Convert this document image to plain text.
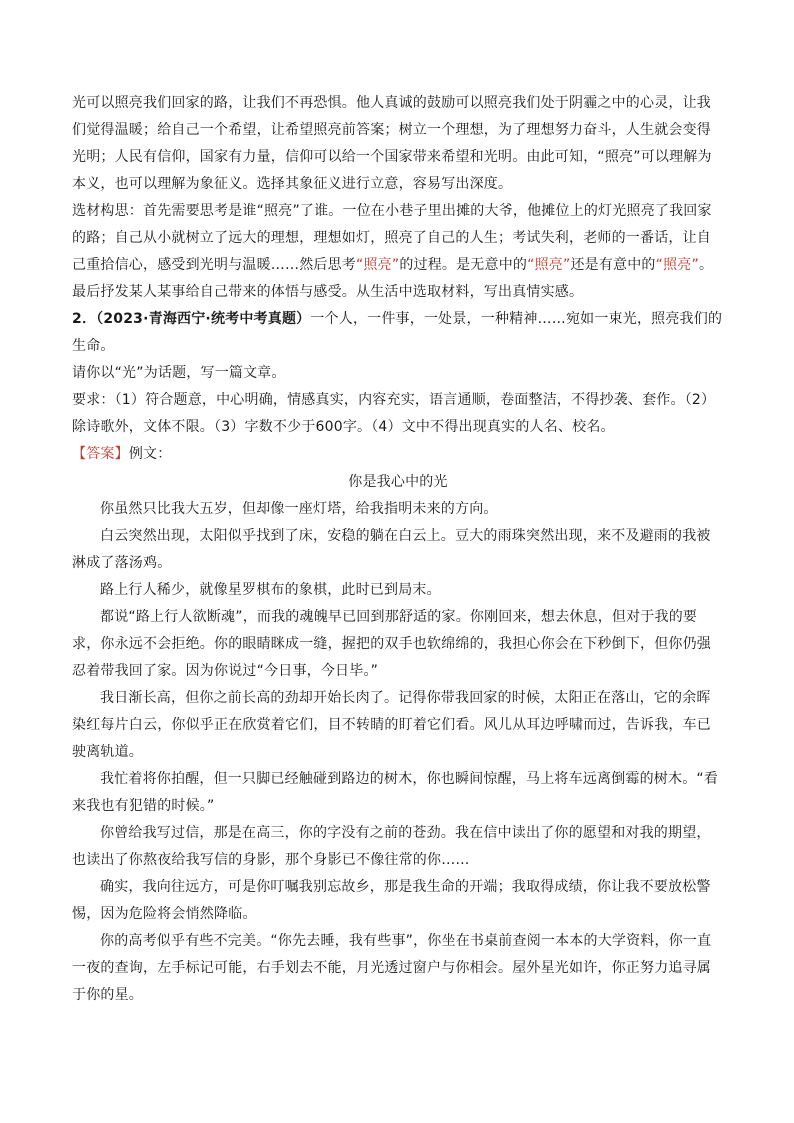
光可以照亮我们回家的路，让我们不再恐惧。他人真诚的鼓励可以照亮我们处于阴霾之中的心灵，让我们觉得温暖；给自己一个希望，让希望照亮前答案；树立一个理想，为了理想努力奋斗，人生就会变得光明；人民有信仰，国家有力量，信仰可以给一个国家带来希望和光明。由此可知，“照亮”可以理解为本义，也可以理解为象征义。选择其象征义进行立意，容易写出深度。

选材构思：首先需要思考是谁“照亮”了谁。一位在小巷子里出摊的大爷，他摊位上的灯光照亮了我回家的路；自己从小就树立了远大的理想，理想如灯，照亮了自己的人生；考试失利，老师的一番话，让自己重拾信心，感受到光明与温暖……然后思考“照亮”的过程。是无意中的“照亮”还是有意中的“照亮”。最后抒发某人某事给自己带来的体悟与感受。从生活中选取材料，写出真情实感。

2．（2023·青海西宁·统考中考真题）一个人，一件事，一处景，一种精神……宛如一束光，照亮我们的生命。

请你以“光”为话题，写一篇文章。

要求：（1）符合题意，中心明确，情感真实，内容充实，语言通顺，卷面整洁，不得抄袭、套作。（2）除诗歌外，文体不限。（3）字数不少于600字。（4）文中不得出现真实的人名、校名。

【答案】例文：

你是我心中的光

你虽然只比我大五岁，但却像一座灯塔，给我指明未来的方向。

白云突然出现，太阳似乎找到了床，安稳的躺在白云上。豆大的雨珠突然出现，来不及避雨的我被淋成了落汤鸡。

路上行人稀少，就像星罗棋布的象棋，此时已到局末。

都说“路上行人欲断魂”，而我的魂魄早已回到那舒适的家。你刚回来，想去休息，但对于我的要求，你永远不会拒绝。你的眼睛眯成一缝，握把的双手也软绵绵的，我担心你会在下秒倒下，但你仍强忍着带我回了家。因为你说过“今日事，今日毕。”

我日渐长高，但你之前长高的劲却开始长肉了。记得你带我回家的时候，太阳正在落山，它的余晖染红每片白云，你似乎正在欣赏着它们，目不转睛的盯着它们看。风儿从耳边呼啸而过，告诉我，车已驶离轨道。

我忙着将你拍醒，但一只脚已经触碰到路边的树木，你也瞬间惊醒，马上将车远离倒霉的树木。“看来我也有犯错的时候。”

你曾给我写过信，那是在高三，你的字没有之前的苍劲。我在信中读出了你的愿望和对我的期望，也读出了你熬夜给我写信的身影，那个身影已不像往常的你……

确实，我向往远方，可是你叮嘱我别忘故乡，那是我生命的开端；我取得成绩，你让我不要放松警惕，因为危险将会悄然降临。

你的高考似乎有些不完美。“你先去睡，我有些事”，你坐在书桌前查阅一本本的大学资料，你一直一夜的查询，左手标记可能，右手划去不能，月光透过窗户与你相会。屋外星光如许，你正努力追寻属于你的星。
